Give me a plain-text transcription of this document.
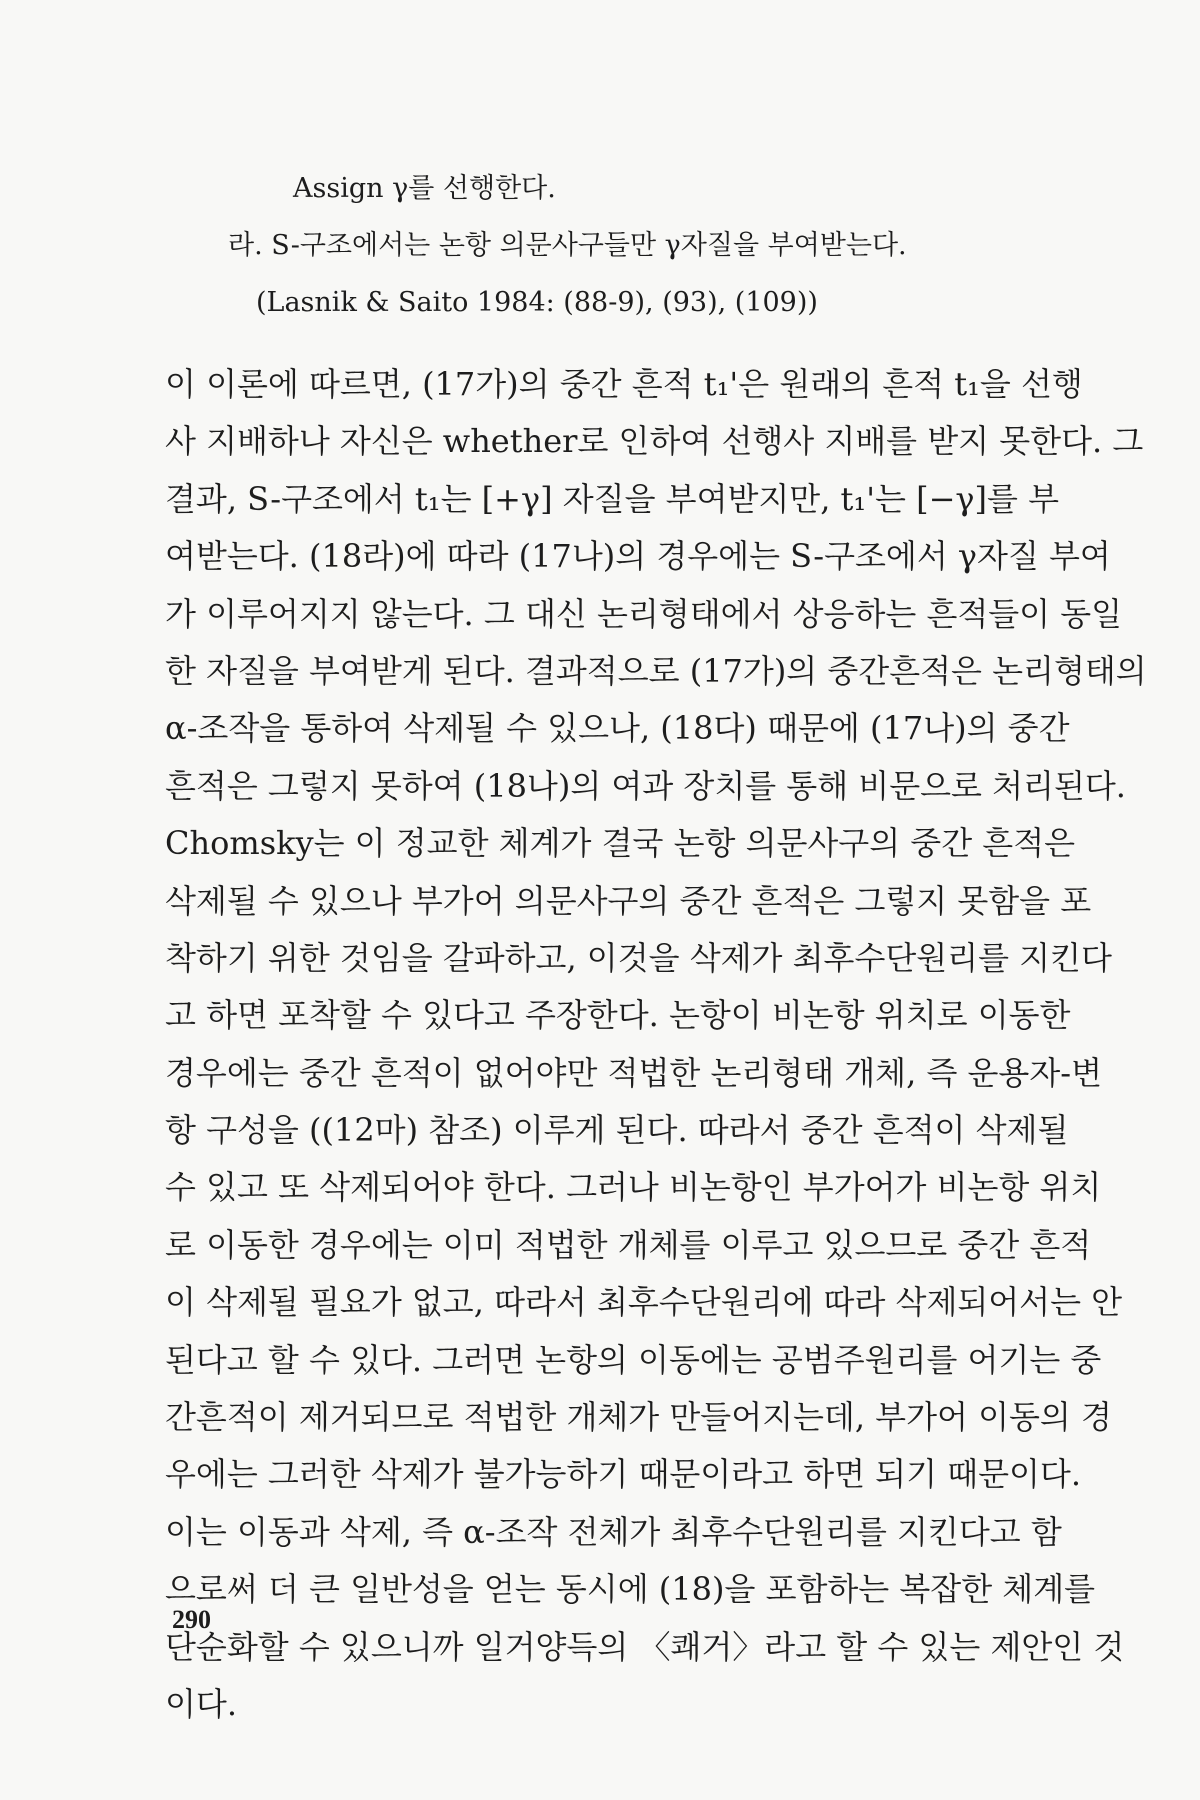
Assign γ를 선행한다.
라. S-구조에서는 논항 의문사구들만 γ자질을 부여받는다.
(Lasnik & Saito 1984: (88-9), (93), (109))
이 이론에 따르면, (17가)의 중간 흔적 t₁'은 원래의 흔적 t₁을 선행
사 지배하나 자신은 whether로 인하여 선행사 지배를 받지 못한다. 그
결과, S-구조에서 t₁는 [+γ] 자질을 부여받지만, t₁'는 [−γ]를 부
여받는다. (18라)에 따라 (17나)의 경우에는 S-구조에서 γ자질 부여
가 이루어지지 않는다. 그 대신 논리형태에서 상응하는 흔적들이 동일
한 자질을 부여받게 된다. 결과적으로 (17가)의 중간흔적은 논리형태의
α-조작을 통하여 삭제될 수 있으나, (18다) 때문에 (17나)의 중간
흔적은 그렇지 못하여 (18나)의 여과 장치를 통해 비문으로 처리된다.
Chomsky는 이 정교한 체계가 결국 논항 의문사구의 중간 흔적은
삭제될 수 있으나 부가어 의문사구의 중간 흔적은 그렇지 못함을 포
착하기 위한 것임을 갈파하고, 이것을 삭제가 최후수단원리를 지킨다
고 하면 포착할 수 있다고 주장한다. 논항이 비논항 위치로 이동한
경우에는 중간 흔적이 없어야만 적법한 논리형태 개체, 즉 운용자-변
항 구성을 ((12마) 참조) 이루게 된다. 따라서 중간 흔적이 삭제될
수 있고 또 삭제되어야 한다. 그러나 비논항인 부가어가 비논항 위치
로 이동한 경우에는 이미 적법한 개체를 이루고 있으므로 중간 흔적
이 삭제될 필요가 없고, 따라서 최후수단원리에 따라 삭제되어서는 안
된다고 할 수 있다. 그러면 논항의 이동에는 공범주원리를 어기는 중
간흔적이 제거되므로 적법한 개체가 만들어지는데, 부가어 이동의 경
우에는 그러한 삭제가 불가능하기 때문이라고 하면 되기 때문이다.
이는 이동과 삭제, 즉 α-조작 전체가 최후수단원리를 지킨다고 함
으로써 더 큰 일반성을 얻는 동시에 (18)을 포함하는 복잡한 체계를
단순화할 수 있으니까 일거양득의 〈쾌거〉라고 할 수 있는 제안인 것
이다.
290
